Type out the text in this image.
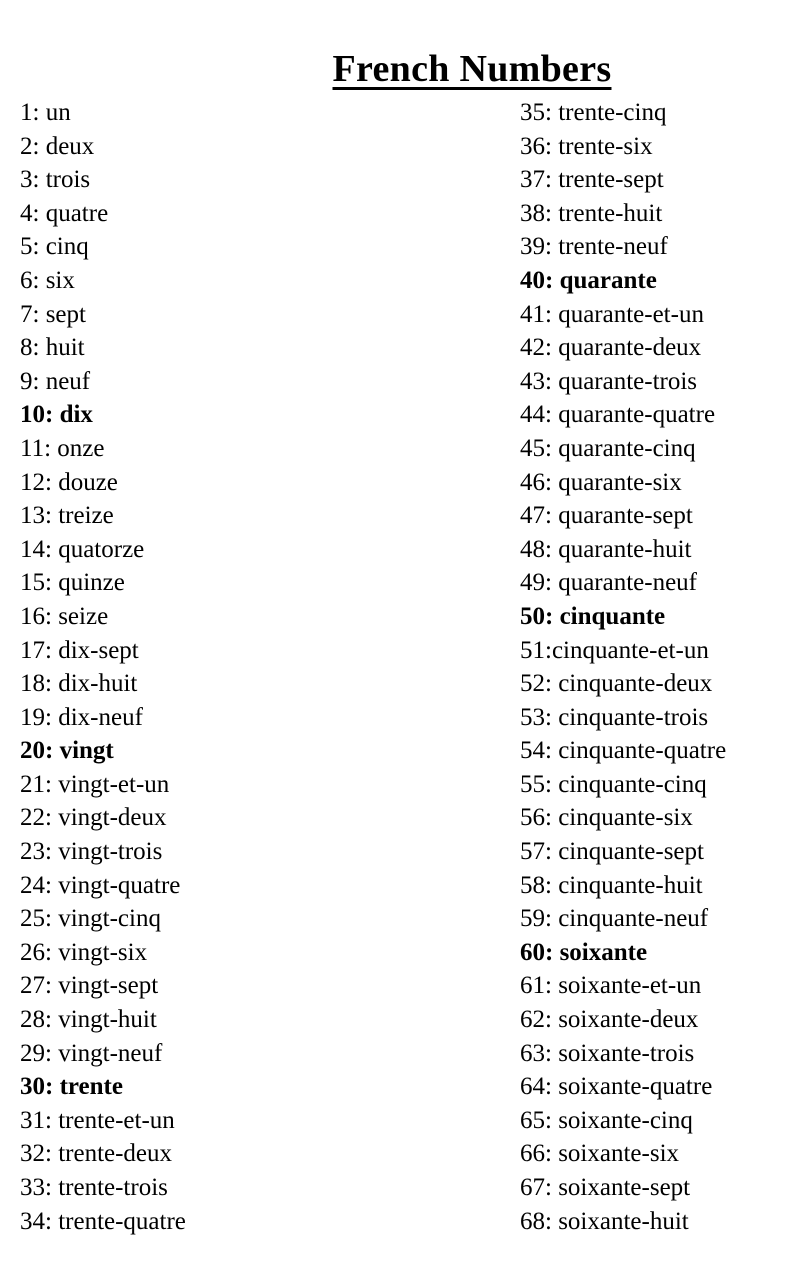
French Numbers
1: un
2: deux
3: trois
4: quatre
5: cinq
6: six
7: sept
8: huit
9: neuf
10: dix
11: onze
12: douze
13: treize
14: quatorze
15: quinze
16: seize
17: dix-sept
18: dix-huit
19: dix-neuf
20: vingt
21: vingt-et-un
22: vingt-deux
23: vingt-trois
24: vingt-quatre
25: vingt-cinq
26: vingt-six
27: vingt-sept
28: vingt-huit
29: vingt-neuf
30: trente
31: trente-et-un
32: trente-deux
33: trente-trois
34: trente-quatre
35: trente-cinq
36: trente-six
37: trente-sept
38: trente-huit
39: trente-neuf
40: quarante
41: quarante-et-un
42: quarante-deux
43: quarante-trois
44: quarante-quatre
45: quarante-cinq
46: quarante-six
47: quarante-sept
48: quarante-huit
49: quarante-neuf
50: cinquante
51:cinquante-et-un
52: cinquante-deux
53: cinquante-trois
54: cinquante-quatre
55: cinquante-cinq
56: cinquante-six
57: cinquante-sept
58: cinquante-huit
59: cinquante-neuf
60: soixante
61: soixante-et-un
62: soixante-deux
63: soixante-trois
64: soixante-quatre
65: soixante-cinq
66: soixante-six
67: soixante-sept
68: soixante-huit
